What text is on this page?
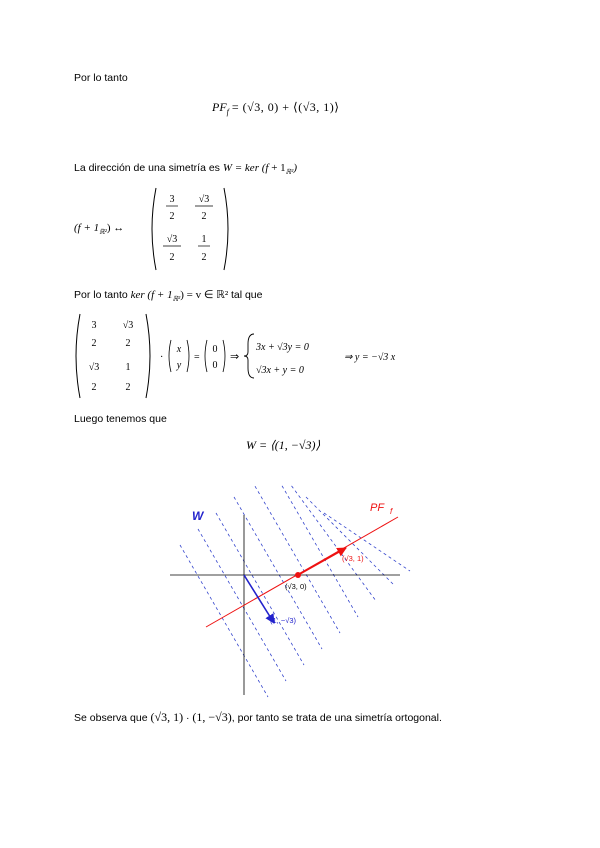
Por lo tanto
$PF_f = (√3$, 0) + ⟨(√3, 1)⟩
La dirección de una simetría es W = ker $(f + 1_{ℝ^2})$
$(f + 1_{ℝ^2})$ ↔
3
2
√3
2
√3
2
1
2
Por lo tanto ker $(f + 1_{ℝ^2}) = v$ ∈ ℝ² tal que
3
2
√3
2
√3
2
1
2
·
x
y
=
0
0
⇒
3x + √3y = 0
√3x + y = 0
⇒ y = −√3 x
Luego tenemos que
W = ⟨(1, −√3)⟩
W
PF f
(√3, 0)
(√3, 1)
(1, −√3)
Se observa que (√3, 1) · (1, −√3), por tanto se trata de una simetría ortogonal.
